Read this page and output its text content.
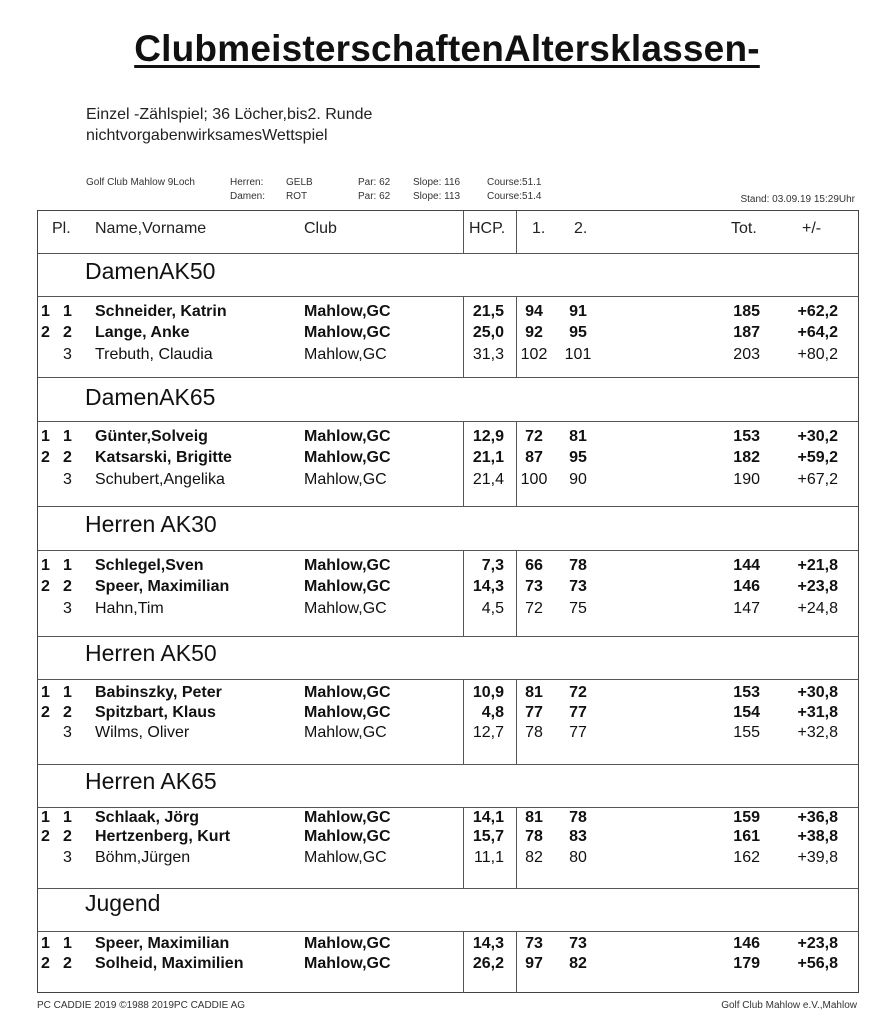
ClubmeisterschaftenAltersklassen-
Einzel -Zählspiel; 36 Löcher,bis2. Runde
nichtvorgabenwirksamesWettspiel
Golf Club Mahlow 9Loch	Herren: GELB	Par: 62 Slope: 116	Course:51.1
Damen: ROT	Par: 62 Slope: 113	Course:51.4	Stand: 03.09.19 15:29Uhr
Pl. Name,Vorname	Club	HCP. 1. 2.	Tot.	+/-
DamenAK50
1 1 Schneider, Katrin	Mahlow,GC	21,5	94	91	185	+62,2
2 2 Lange, Anke	Mahlow,GC	25,0	92	95	187	+64,2
3 Trebuth, Claudia	Mahlow,GC	31,3 102 101	203	+80,2
DamenAK65
1 1 Günter,Solveig	Mahlow,GC	12,9	72	81	153	+30,2
2 2 Katsarski, Brigitte	Mahlow,GC	21,1	87	95	182	+59,2
3 Schubert,Angelika	Mahlow,GC	21,4 100	90	190	+67,2
Herren AK30
1 1 Schlegel,Sven	Mahlow,GC	7,3	66	78	144	+21,8
2 2 Speer, Maximilian	Mahlow,GC	14,3	73	73	146	+23,8
3 Hahn,Tim	Mahlow,GC	4,5	72	75	147	+24,8
Herren AK50
1 1 Babinszky, Peter	Mahlow,GC	10,9	81	72	153	+30,8
2 2 Spitzbart, Klaus	Mahlow,GC	4,8	77	77	154	+31,8
3 Wilms, Oliver	Mahlow,GC	12,7	78	77	155	+32,8
Herren AK65
1 1 Schlaak, Jörg	Mahlow,GC	14,1	81	78	159	+36,8
2 2 Hertzenberg, Kurt	Mahlow,GC	15,7	78	83	161	+38,8
3 Böhm,Jürgen	Mahlow,GC	11,1	82	80	162	+39,8
Jugend
1 1 Speer, Maximilian	Mahlow,GC	14,3	73	73	146	+23,8
2 2 Solheid, Maximilien	Mahlow,GC	26,2	97	82	179	+56,8
PC CADDIE 2019 ©1988 2019PC CADDIE AG	Golf Club Mahlow e.V.,Mahlow
